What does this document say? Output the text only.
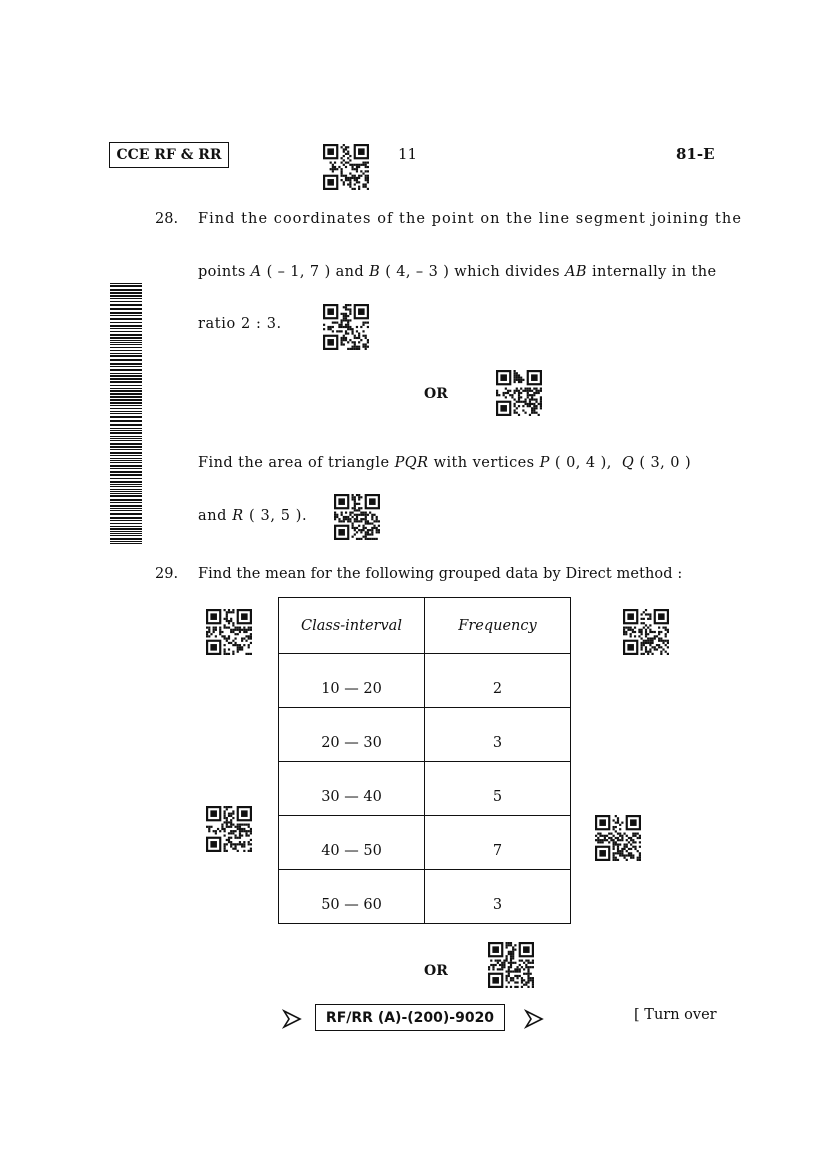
CCE RF & RR	11	81-E
28. Find the coordinates of the point on the line segment joining the
points A ( – 1, 7 ) and B ( 4, – 3 ) which divides AB internally in the
ratio 2 : 3.
OR
Find the area of triangle PQR with vertices P ( 0, 4 ), Q ( 3, 0 )
and R ( 3, 5 ).
29. Find the mean for the following grouped data by Direct method :
Class-interval	Frequency
10 — 20	2
20 — 30	3
30 — 40	5
40 — 50	7
50 — 60	3
OR
RF/RR (A)-(200)-9020	[ Turn over
